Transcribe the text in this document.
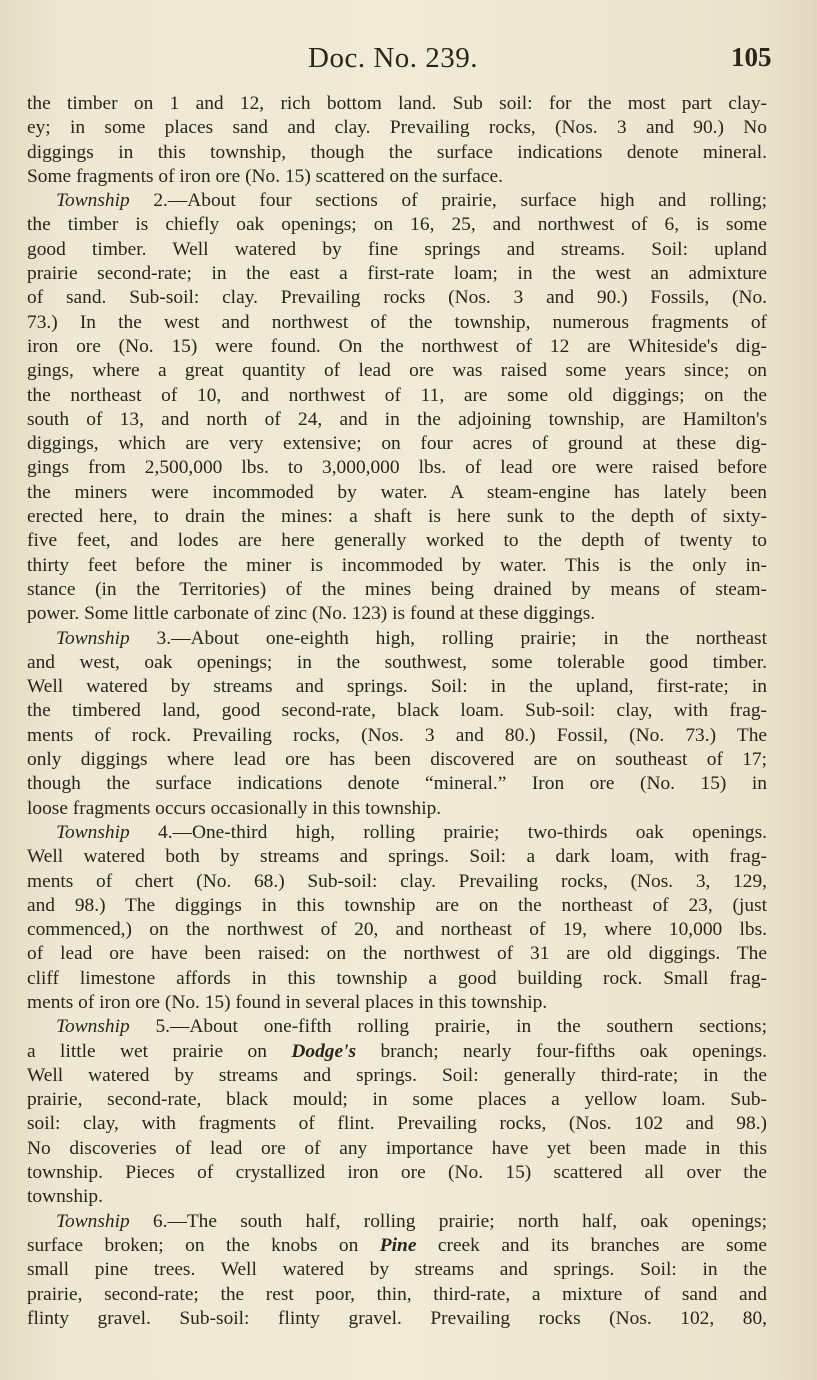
Doc. No. 239.	105
the timber on 1 and 12, rich bottom land. Sub soil: for the most part clay-
ey; in some places sand and clay. Prevailing rocks, (Nos. 3 and 90.) No
diggings in this township, though the surface indications denote mineral.
Some fragments of iron ore (No. 15) scattered on the surface.
Township 2.—About four sections of prairie, surface high and rolling;
the timber is chiefly oak openings; on 16, 25, and northwest of 6, is some
good timber. Well watered by fine springs and streams. Soil: upland
prairie second-rate; in the east a first-rate loam; in the west an admixture
of sand. Sub-soil: clay. Prevailing rocks (Nos. 3 and 90.) Fossils, (No.
73.) In the west and northwest of the township, numerous fragments of
iron ore (No. 15) were found. On the northwest of 12 are Whiteside's dig-
gings, where a great quantity of lead ore was raised some years since; on
the northeast of 10, and northwest of 11, are some old diggings; on the
south of 13, and north of 24, and in the adjoining township, are Hamilton's
diggings, which are very extensive; on four acres of ground at these dig-
gings from 2,500,000 lbs. to 3,000,000 lbs. of lead ore were raised before
the miners were incommoded by water. A steam-engine has lately been
erected here, to drain the mines: a shaft is here sunk to the depth of sixty-
five feet, and lodes are here generally worked to the depth of twenty to
thirty feet before the miner is incommoded by water. This is the only in-
stance (in the Territories) of the mines being drained by means of steam-
power. Some little carbonate of zinc (No. 123) is found at these diggings.
Township 3.—About one-eighth high, rolling prairie; in the northeast
and west, oak openings; in the southwest, some tolerable good timber.
Well watered by streams and springs. Soil: in the upland, first-rate; in
the timbered land, good second-rate, black loam. Sub-soil: clay, with frag-
ments of rock. Prevailing rocks, (Nos. 3 and 80.) Fossil, (No. 73.) The
only diggings where lead ore has been discovered are on southeast of 17;
though the surface indications denote “mineral.” Iron ore (No. 15) in
loose fragments occurs occasionally in this township.
Township 4.—One-third high, rolling prairie; two-thirds oak openings.
Well watered both by streams and springs. Soil: a dark loam, with frag-
ments of chert (No. 68.) Sub-soil: clay. Prevailing rocks, (Nos. 3, 129,
and 98.) The diggings in this township are on the northeast of 23, (just
commenced,) on the northwest of 20, and northeast of 19, where 10,000 lbs.
of lead ore have been raised: on the northwest of 31 are old diggings. The
cliff limestone affords in this township a good building rock. Small frag-
ments of iron ore (No. 15) found in several places in this township.
Township 5.—About one-fifth rolling prairie, in the southern sections;
a little wet prairie on Dodge's branch; nearly four-fifths oak openings.
Well watered by streams and springs. Soil: generally third-rate; in the
prairie, second-rate, black mould; in some places a yellow loam. Sub-
soil: clay, with fragments of flint. Prevailing rocks, (Nos. 102 and 98.)
No discoveries of lead ore of any importance have yet been made in this
township. Pieces of crystallized iron ore (No. 15) scattered all over the
township.
Township 6.—The south half, rolling prairie; north half, oak openings;
surface broken; on the knobs on Pine creek and its branches are some
small pine trees. Well watered by streams and springs. Soil: in the
prairie, second-rate; the rest poor, thin, third-rate, a mixture of sand and
flinty gravel. Sub-soil: flinty gravel. Prevailing rocks (Nos. 102, 80,
